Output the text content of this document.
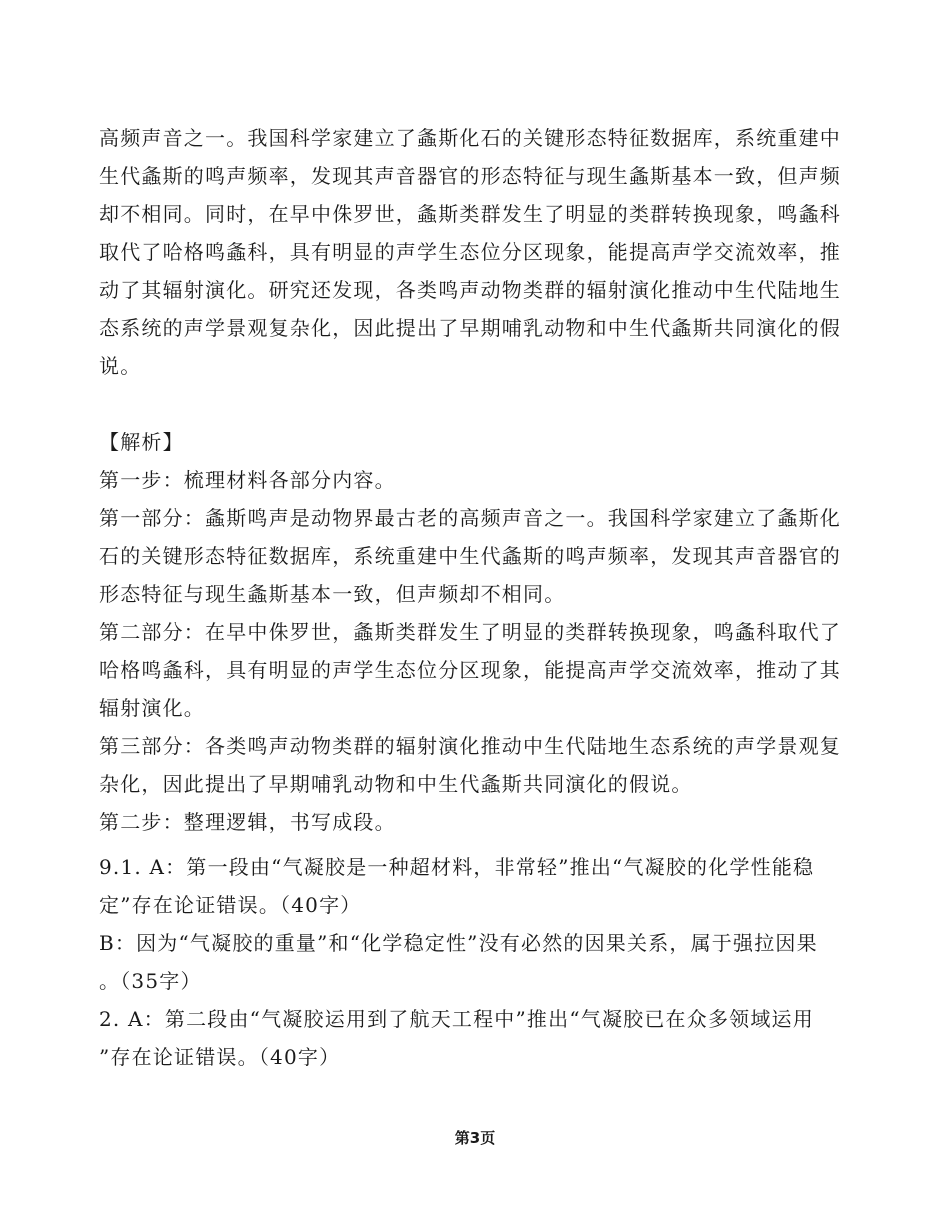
高频声音之一。我国科学家建立了螽斯化石的关键形态特征数据库，系统重建中
生代螽斯的鸣声频率，发现其声音器官的形态特征与现生螽斯基本一致，但声频
却不相同。同时，在早中侏罗世，螽斯类群发生了明显的类群转换现象，鸣螽科
取代了哈格鸣螽科，具有明显的声学生态位分区现象，能提高声学交流效率，推
动了其辐射演化。研究还发现，各类鸣声动物类群的辐射演化推动中生代陆地生
态系统的声学景观复杂化，因此提出了早期哺乳动物和中生代螽斯共同演化的假
说。
【解析】
第一步：梳理材料各部分内容。
第一部分：螽斯鸣声是动物界最古老的高频声音之一。我国科学家建立了螽斯化
石的关键形态特征数据库，系统重建中生代螽斯的鸣声频率，发现其声音器官的
形态特征与现生螽斯基本一致，但声频却不相同。
第二部分：在早中侏罗世，螽斯类群发生了明显的类群转换现象，鸣螽科取代了
哈格鸣螽科，具有明显的声学生态位分区现象，能提高声学交流效率，推动了其
辐射演化。
第三部分：各类鸣声动物类群的辐射演化推动中生代陆地生态系统的声学景观复
杂化，因此提出了早期哺乳动物和中生代螽斯共同演化的假说。
第二步：整理逻辑，书写成段。
9.1. A：第一段由“气凝胶是一种超材料，非常轻”推出“气凝胶的化学性能稳
定”存在论证错误。（40字）
B：因为“气凝胶的重量”和“化学稳定性”没有必然的因果关系，属于强拉因果
。（35字）
2. A：第二段由“气凝胶运用到了航天工程中”推出“气凝胶已在众多领域运用
”存在论证错误。（40字）
第3页
